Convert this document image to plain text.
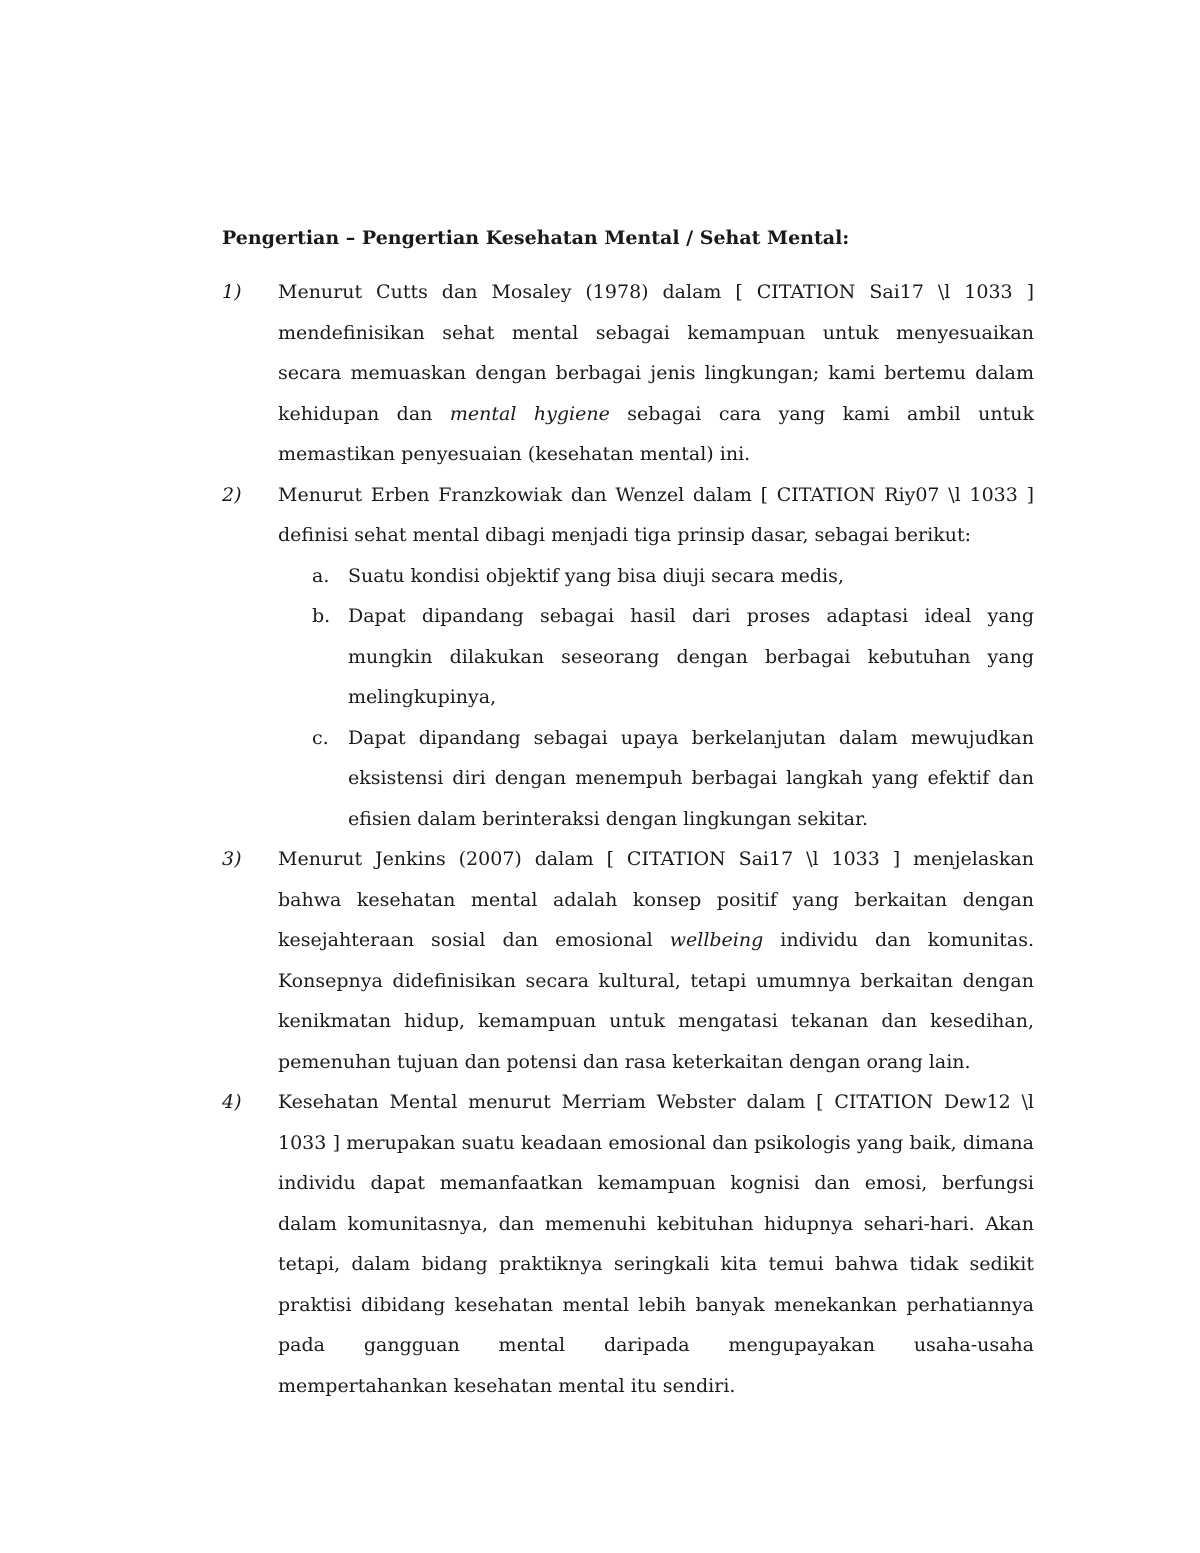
Pengertian – Pengertian Kesehatan Mental / Sehat Mental:
1) Menurut Cutts dan Mosaley (1978) dalam [ CITATION Sai17 \l 1033 ] mendefinisikan sehat mental sebagai kemampuan untuk menyesuaikan secara memuaskan dengan berbagai jenis lingkungan; kami bertemu dalam kehidupan dan mental hygiene sebagai cara yang kami ambil untuk memastikan penyesuaian (kesehatan mental) ini.
2) Menurut Erben Franzkowiak dan Wenzel dalam [ CITATION Riy07 \l 1033 ] definisi sehat mental dibagi menjadi tiga prinsip dasar, sebagai berikut:
a. Suatu kondisi objektif yang bisa diuji secara medis,
b. Dapat dipandang sebagai hasil dari proses adaptasi ideal yang mungkin dilakukan seseorang dengan berbagai kebutuhan yang melingkupinya,
c. Dapat dipandang sebagai upaya berkelanjutan dalam mewujudkan eksistensi diri dengan menempuh berbagai langkah yang efektif dan efisien dalam berinteraksi dengan lingkungan sekitar.
3) Menurut Jenkins (2007) dalam [ CITATION Sai17 \l 1033 ] menjelaskan bahwa kesehatan mental adalah konsep positif yang berkaitan dengan kesejahteraan sosial dan emosional wellbeing individu dan komunitas. Konsepnya didefinisikan secara kultural, tetapi umumnya berkaitan dengan kenikmatan hidup, kemampuan untuk mengatasi tekanan dan kesedihan, pemenuhan tujuan dan potensi dan rasa keterkaitan dengan orang lain.
4) Kesehatan Mental menurut Merriam Webster dalam [ CITATION Dew12 \l 1033 ] merupakan suatu keadaan emosional dan psikologis yang baik, dimana individu dapat memanfaatkan kemampuan kognisi dan emosi, berfungsi dalam komunitasnya, dan memenuhi kebituhan hidupnya sehari-hari. Akan tetapi, dalam bidang praktiknya seringkali kita temui bahwa tidak sedikit praktisi dibidang kesehatan mental lebih banyak menekankan perhatiannya pada gangguan mental daripada mengupayakan usaha-usaha mempertahankan kesehatan mental itu sendiri.
